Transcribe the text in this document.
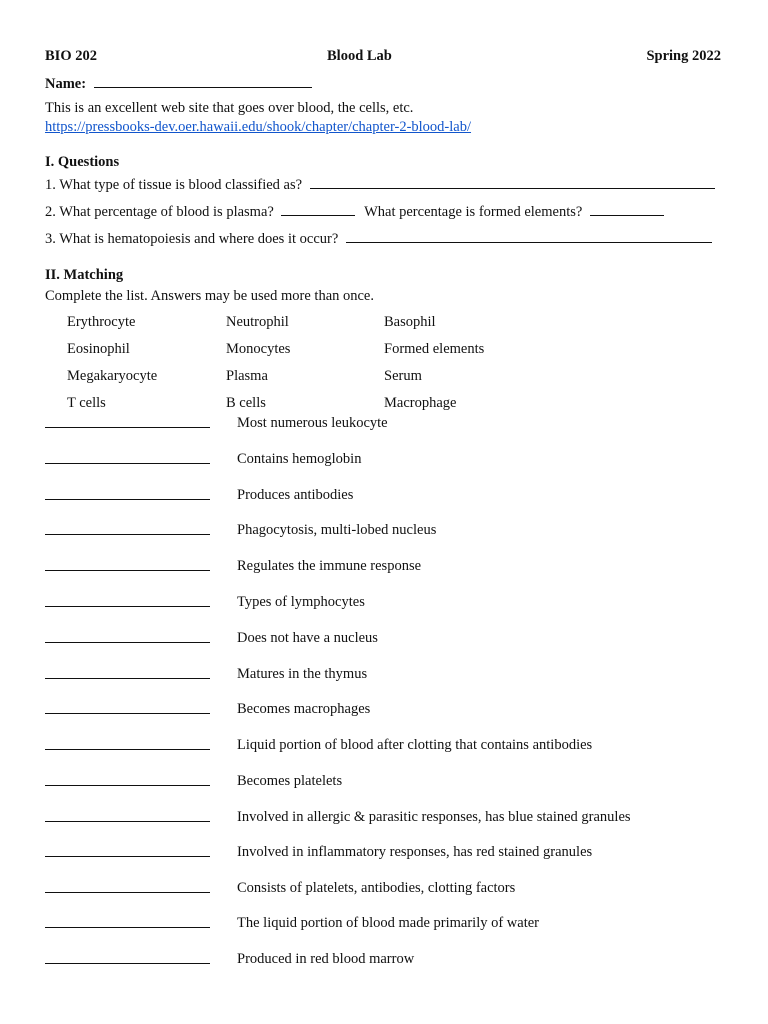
BIO 202	Blood Lab	Spring 2022
Name:
This is an excellent web site that goes over blood, the cells, etc.
https://pressbooks-dev.oer.hawaii.edu/shook/chapter/chapter-2-blood-lab/
I. Questions
1. What type of tissue is blood classified as?
2. What percentage of blood is plasma?	What percentage is formed elements?
3. What is hematopoiesis and where does it occur?
II. Matching
Complete the list. Answers may be used more than once.
Erythrocyte	Neutrophil	Basophil
Eosinophil	Monocytes	Formed elements
Megakaryocyte	Plasma	Serum
T cells	B cells	Macrophage
Most numerous leukocyte
Contains hemoglobin
Produces antibodies
Phagocytosis, multi-lobed nucleus
Regulates the immune response
Types of lymphocytes
Does not have a nucleus
Matures in the thymus
Becomes macrophages
Liquid portion of blood after clotting that contains antibodies
Becomes platelets
Involved in allergic & parasitic responses, has blue stained granules
Involved in inflammatory responses, has red stained granules
Consists of platelets, antibodies, clotting factors
The liquid portion of blood made primarily of water
Produced in red blood marrow
